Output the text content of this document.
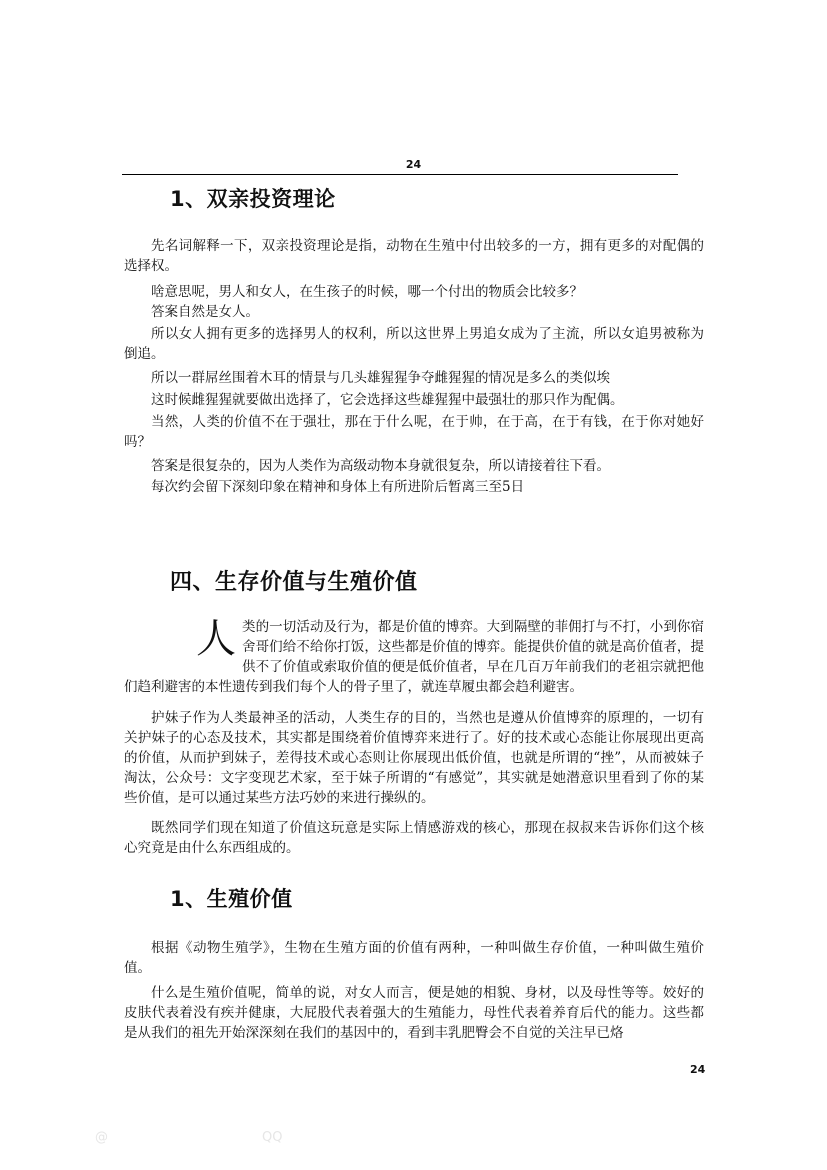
24
1、双亲投资理论

先名词解释一下，双亲投资理论是指，动物在生殖中付出较多的一方，拥有更多的对配偶的选择权。

啥意思呢，男人和女人，在生孩子的时候，哪一个付出的物质会比较多？

答案自然是女人。

所以女人拥有更多的选择男人的权利，所以这世界上男追女成为了主流，所以女追男被称为倒追。

所以一群屌丝围着木耳的情景与几头雄猩猩争夺雌猩猩的情况是多么的类似埃

这时候雌猩猩就要做出选择了，它会选择这些雄猩猩中最强壮的那只作为配偶。

当然，人类的价值不在于强壮，那在于什么呢，在于帅，在于高，在于有钱，在于你对她好吗？

答案是很复杂的，因为人类作为高级动物本身就很复杂，所以请接着往下看。

每次约会留下深刻印象在精神和身体上有所进阶后暂离三至5日

四、生存价值与生殖价值
人 类的一切活动及行为，都是价值的博弈。大到隔壁的菲佣打与不打，小到你宿舍哥们给不给你打饭，这些都是价值的博弈。能提供价值的就是高价值者，提供不了价值或索取价值的便是低价值者，早在几百万年前我们的老祖宗就把他们趋利避害的本性遗传到我们每个人的骨子里了，就连草履虫都会趋利避害。

护妹子作为人类最神圣的活动，人类生存的目的，当然也是遵从价值博弈的原理的，一切有关护妹子的心态及技术，其实都是围绕着价值博弈来进行了。好的技术或心态能让你展现出更高的价值，从而护到妹子，差得技术或心态则让你展现出低价值，也就是所谓的“挫”，从而被妹子淘汰，公众号：文字变现艺术家，至于妹子所谓的“有感觉”，其实就是她潜意识里看到了你的某些价值，是可以通过某些方法巧妙的来进行操纵的。

既然同学们现在知道了价值这玩意是实际上情感游戏的核心，那现在叔叔来告诉你们这个核心究竟是由什么东西组成的。

1、生殖价值

根据《动物生殖学》，生物在生殖方面的价值有两种，一种叫做生存价值，一种叫做生殖价值。

什么是生殖价值呢，简单的说，对女人而言，便是她的相貌、身材，以及母性等等。姣好的皮肤代表着没有疾并健康，大屁股代表着强大的生殖能力，母性代表着养育后代的能力。这些都是从我们的祖先开始深深刻在我们的基因中的，看到丰乳肥臀会不自觉的关注早已烙

24
@	QQ
